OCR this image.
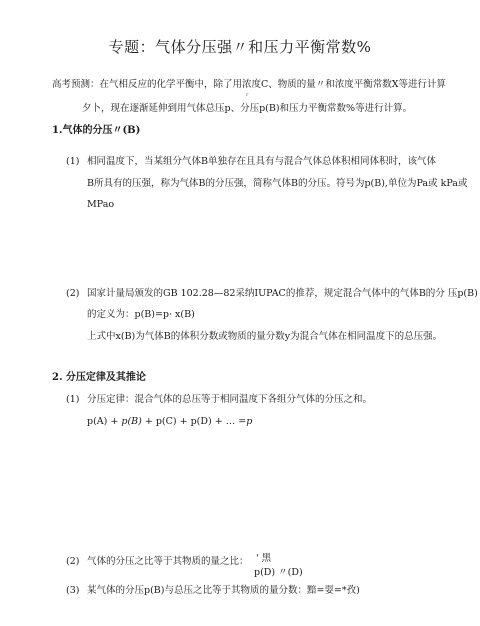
专题：气体分压强〃和压力平衡常数%
高考预测：在气相反应的化学平衡中，除了用浓度C、物质的量〃和浓度平衡常数X等进行计算
r
夕卜，现在逐渐延伸到用气体总压p、分压p(B)和压力平衡常数%等进行计算。
1.气体的分压〃(B)
(1) 相同温度下，当某组分气体B单独存在且具有与混合气体总体积相同体积时，该气体
B所具有的压强，称为气体B的分压强，简称气体B的分压。符号为p(B),单位为Pa或 kPa或
MPao
(2) 国家计量局颁发的GB 102.28—82采纳IUPAC的推荐，规定混合气体中的气体B的分 压p(B)
的定义为：p(B)=p· x(B)
上式中x(B)为气体B的体积分数或物质的量分数y为混合气体在相同温度下的总压强。
2. 分压定律及其推论
(1) 分压定律：混合气体的总压等于相同温度下各组分气体的分压之和。
p(A) + p(B) + p(C) + p(D) + … =p
(2) 气体的分压之比等于其物质的量之比： ' 黑
p(D) 〃(D)
(3) 某气体的分压p(B)与总压之比等于其物质的量分数：黯=耍=*孜)
